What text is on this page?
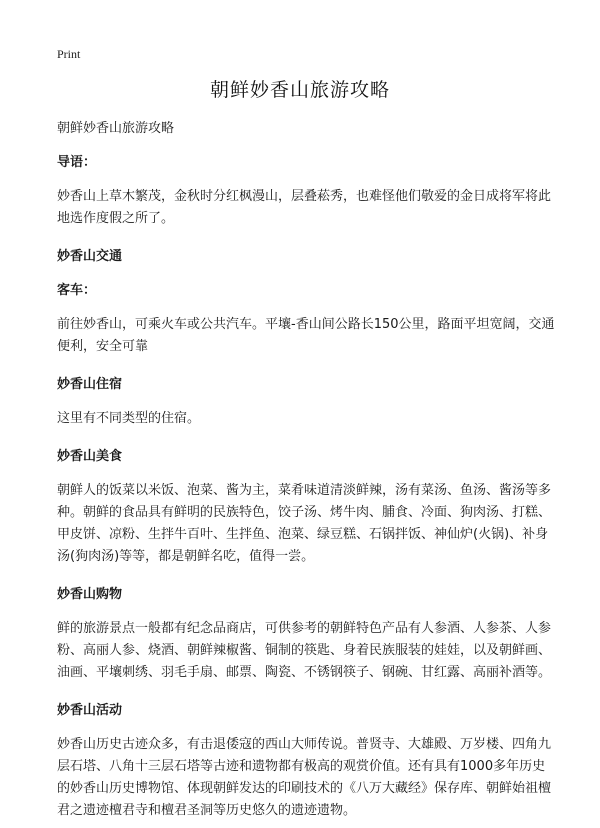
Print
朝鲜妙香山旅游攻略

朝鲜妙香山旅游攻略

导语：

妙香山上草木繁茂，金秋时分红枫漫山，层叠菘秀，也难怪他们敬爱的金日成将军将此地选作度假之所了。

妙香山交通

客车：

前往妙香山，可乘火车或公共汽车。平壤-香山间公路长150公里，路面平坦宽阔，交通便利，安全可靠

妙香山住宿

这里有不同类型的住宿。

妙香山美食

朝鲜人的饭菜以米饭、泡菜、酱为主，菜肴味道清淡鲜辣，汤有菜汤、鱼汤、酱汤等多种。朝鲜的食品具有鲜明的民族特色，饺子汤、烤牛肉、脯食、冷面、狗肉汤、打糕、甲皮饼、凉粉、生拌牛百叶、生拌鱼、泡菜、绿豆糕、石锅拌饭、神仙炉(火锅)、补身汤(狗肉汤)等等，都是朝鲜名吃，值得一尝。

妙香山购物

鲜的旅游景点一般都有纪念品商店，可供参考的朝鲜特色产品有人参酒、人参茶、人参粉、高丽人参、烧酒、朝鲜辣椒酱、铜制的筷匙、身着民族服装的娃娃，以及朝鲜画、油画、平壤刺绣、羽毛手扇、邮票、陶瓷、不锈钢筷子、钢碗、甘红露、高丽补酒等。

妙香山活动

妙香山历史古迹众多，有击退倭寇的西山大师传说。普贤寺、大雄殿、万岁楼、四角九层石塔、八角十三层石塔等古迹和遗物都有极高的观赏价值。还有具有1000多年历史的妙香山历史博物馆、体现朝鲜发达的印刷技术的《八万大藏经》保存库、朝鲜始祖檀君之遗迹檀君寺和檀君圣洞等历史悠久的遗迹遗物。
